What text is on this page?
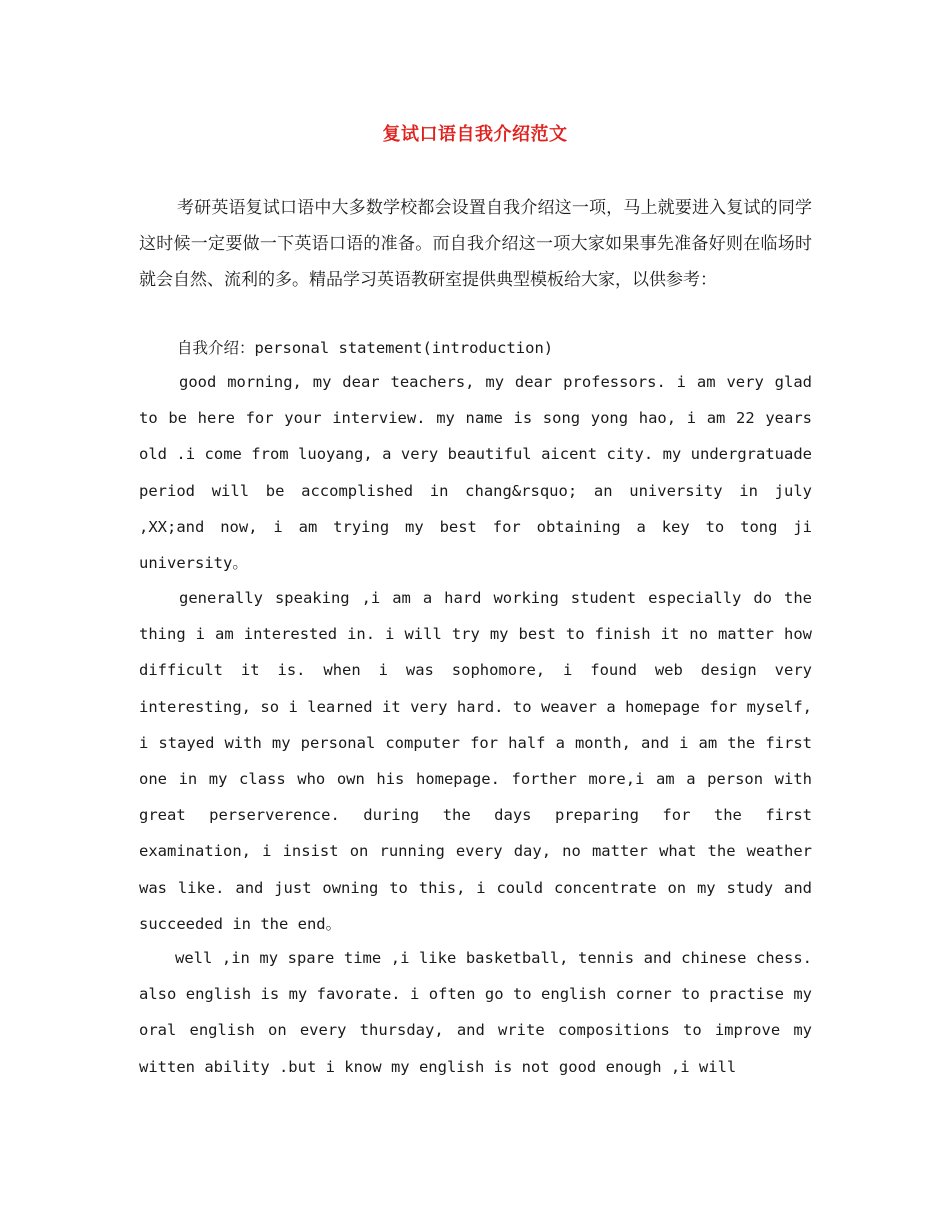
复试口语自我介绍范文
考研英语复试口语中大多数学校都会设置自我介绍这一项，马上就要进入复试的同学这时候一定要做一下英语口语的准备。而自我介绍这一项大家如果事先准备好则在临场时就会自然、流利的多。精品学习英语教研室提供典型模板给大家，以供参考：
自我介绍：personal statement(introduction)
good morning, my dear teachers, my dear professors. i am very glad to be here for your interview. my name is song yong hao, i am 22 years old .i come from luoyang, a very beautiful aicent city. my undergratuade period will be accomplished in chang&rsquo; an university in july ,XX;and now, i am trying my best for obtaining a key to tong ji university。
generally speaking ,i am a hard working student especially do the thing i am interested in. i will try my best to finish it no matter how difficult it is. when i was sophomore, i found web design very interesting, so i learned it very hard. to weaver a homepage for myself, i stayed with my personal computer for half a month, and i am the first one in my class who own his homepage. forther more,i am a person with great perserverence. during the days preparing for the first examination, i insist on running every day, no matter what the weather was like. and just owning to this, i could concentrate on my study and succeeded in the end。
well ,in my spare time ,i like basketball, tennis and chinese chess. also english is my favorate. i often go to english corner to practise my oral english on every thursday, and write compositions to improve my witten ability .but i know my english is not good enough ,i will
